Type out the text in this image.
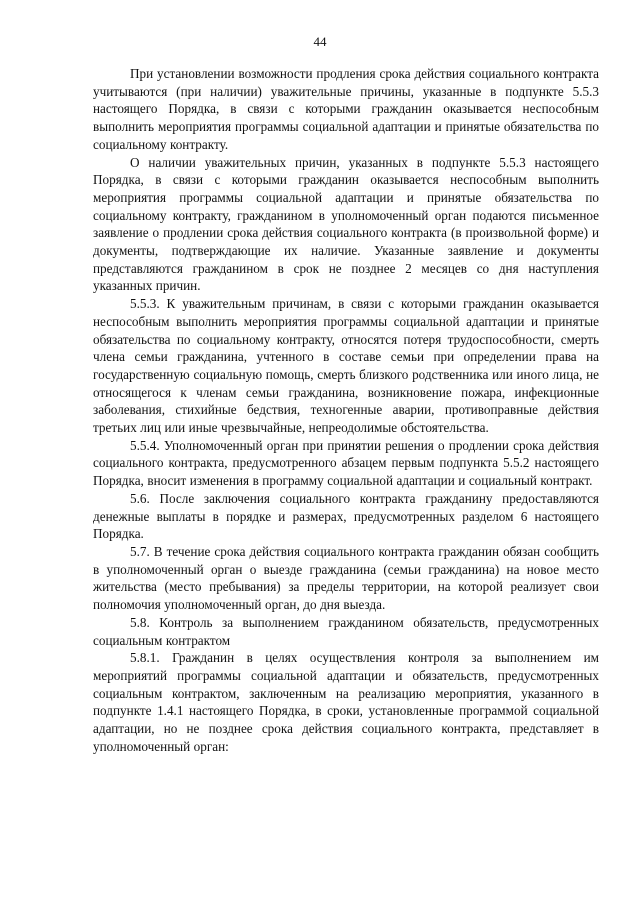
44

При установлении возможности продления срока действия социального контракта учитываются (при наличии) уважительные причины, указанные в подпункте 5.5.3 настоящего Порядка, в связи с которыми гражданин оказывается неспособным выполнить мероприятия программы социальной адаптации и принятые обязательства по социальному контракту.

О наличии уважительных причин, указанных в подпункте 5.5.3 настоящего Порядка, в связи с которыми гражданин оказывается неспособным выполнить мероприятия программы социальной адаптации и принятые обязательства по социальному контракту, гражданином в уполномоченный орган подаются письменное заявление о продлении срока действия социального контракта (в произвольной форме) и документы, подтверждающие их наличие. Указанные заявление и документы представляются гражданином в срок не позднее 2 месяцев со дня наступления указанных причин.

5.5.3. К уважительным причинам, в связи с которыми гражданин оказывается неспособным выполнить мероприятия программы социальной адаптации и принятые обязательства по социальному контракту, относятся потеря трудоспособности, смерть члена семьи гражданина, учтенного в составе семьи при определении права на государственную социальную помощь, смерть близкого родственника или иного лица, не относящегося к членам семьи гражданина, возникновение пожара, инфекционные заболевания, стихийные бедствия, техногенные аварии, противоправные действия третьих лиц или иные чрезвычайные, непреодолимые обстоятельства.

5.5.4. Уполномоченный орган при принятии решения о продлении срока действия социального контракта, предусмотренного абзацем первым подпункта 5.5.2 настоящего Порядка, вносит изменения в программу социальной адаптации и социальный контракт.

5.6. После заключения социального контракта гражданину предоставляются денежные выплаты в порядке и размерах, предусмотренных разделом 6 настоящего Порядка.

5.7. В течение срока действия социального контракта гражданин обязан сообщить в уполномоченный орган о выезде гражданина (семьи гражданина) на новое место жительства (место пребывания) за пределы территории, на которой реализует свои полномочия уполномоченный орган, до дня выезда.

5.8. Контроль за выполнением гражданином обязательств, предусмотренных социальным контрактом

5.8.1. Гражданин в целях осуществления контроля за выполнением им мероприятий программы социальной адаптации и обязательств, предусмотренных социальным контрактом, заключенным на реализацию мероприятия, указанного в подпункте 1.4.1 настоящего Порядка, в сроки, установленные программой социальной адаптации, но не позднее срока действия социального контракта, представляет в уполномоченный орган:
